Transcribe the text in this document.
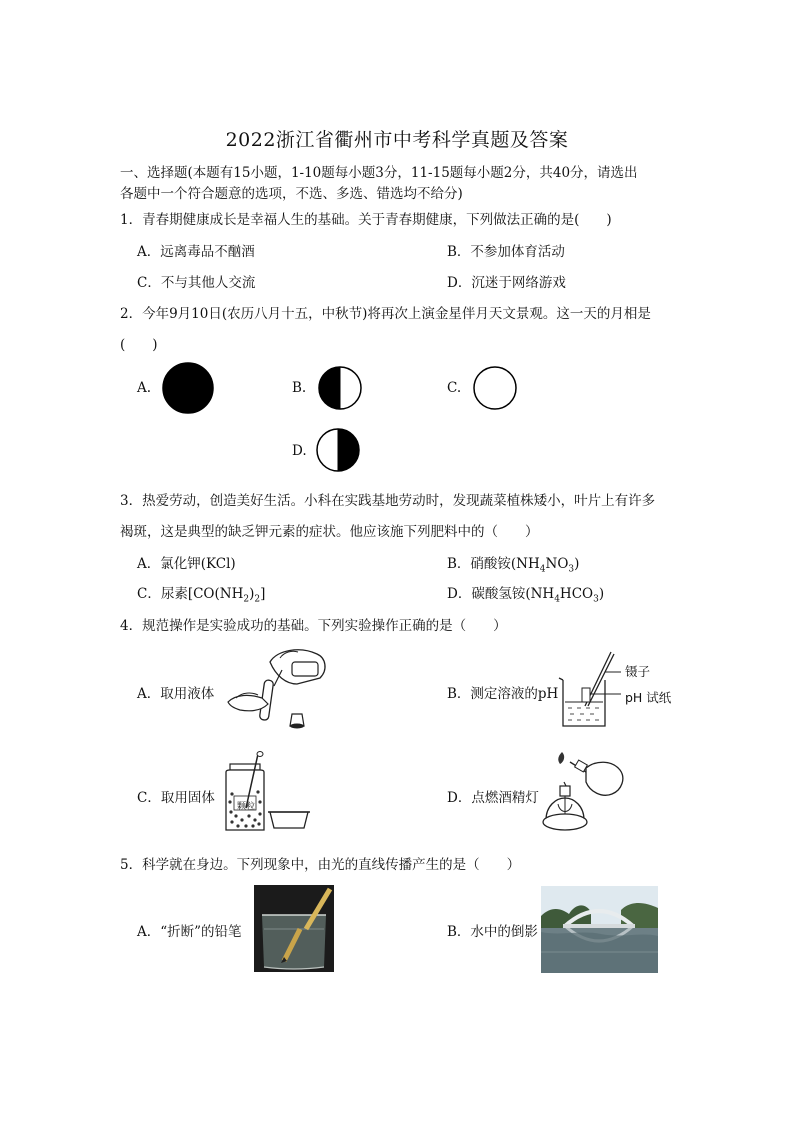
2022浙江省衢州市中考科学真题及答案
一、选择题(本题有15小题，1-10题每小题3分，11-15题每小题2分，共40分，请选出
各题中一个符合题意的选项，不选、多选、错选均不给分)
1．青春期健康成长是幸福人生的基础。关于青春期健康，下列做法正确的是(　　)
A．远离毒品不酗酒	B．不参加体育活动
C．不与其他人交流	D．沉迷于网络游戏
2．今年9月10日(农历八月十五，中秋节)将再次上演金星伴月天文景观。这一天的月相是
(　　)
A.	B.	C.
D.
3．热爱劳动，创造美好生活。小科在实践基地劳动时，发现蔬菜植株矮小，叶片上有许多
褐斑，这是典型的缺乏钾元素的症状。他应该施下列肥料中的（　　）
A．氯化钾(KCl)	B．硝酸铵$(NH_4NO_3)$
C．尿素$[CO(NH_2)_2]$	D．碳酸氢铵$(NH_4HCO_3)$
4．规范操作是实验成功的基础。下列实验操作正确的是（　　）
A．取用液体	B．测定溶液的pH
镊子
pH 试纸
C．取用固体
颗粒
D．点燃酒精灯
5．科学就在身边。下列现象中，由光的直线传播产生的是（　　）
A．“折断”的铅笔	B．水中的倒影
